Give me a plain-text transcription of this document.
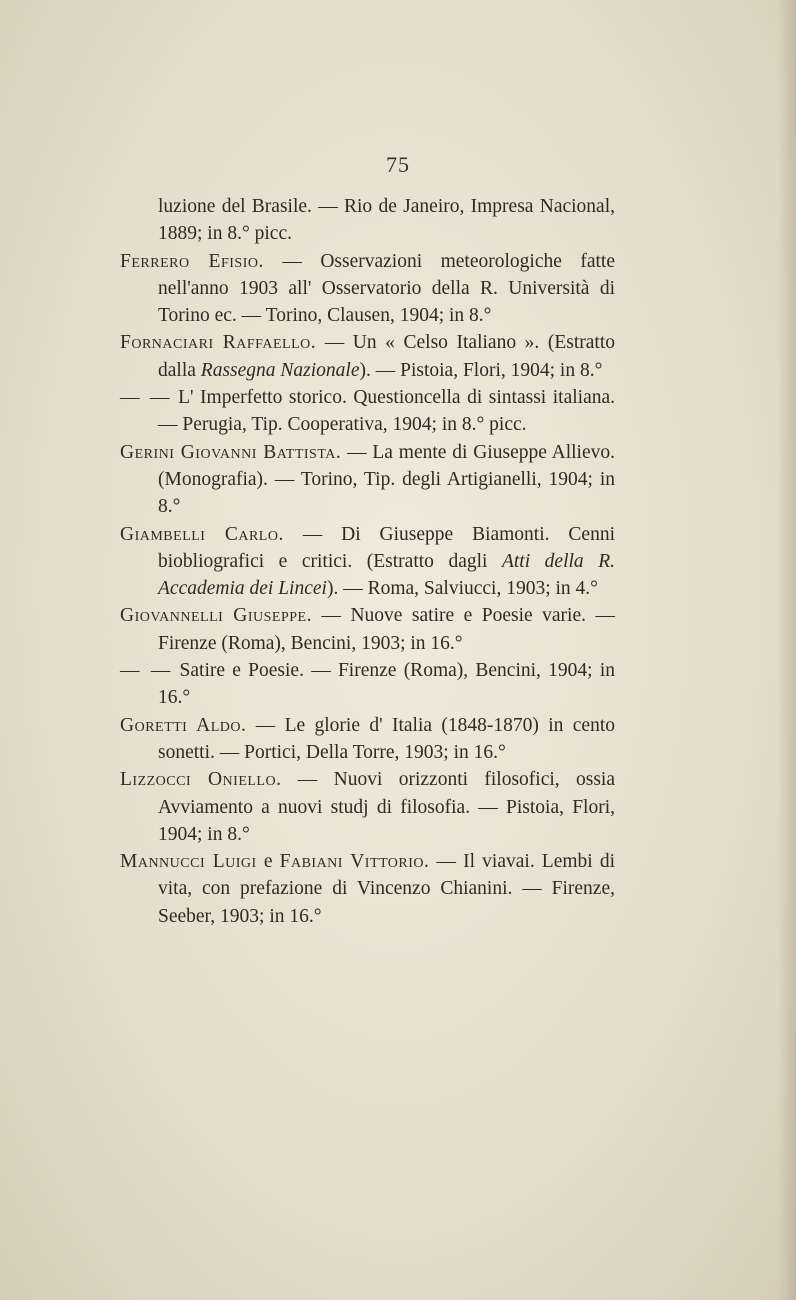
75

luzione del Brasile. — Rio de Janeiro, Impresa Nacional, 1889; in 8.° picc.

Ferrero Efisio. — Osservazioni meteorologiche fatte nell'anno 1903 all' Osservatorio della R. Università di Torino ec. — Torino, Clausen, 1904; in 8.°

Fornaciari Raffaello. — Un « Celso Italiano ». (Estratto dalla Rassegna Nazionale). — Pistoia, Flori, 1904; in 8.°

— — L' Imperfetto storico. Questioncella di sintassi italiana. — Perugia, Tip. Cooperativa, 1904; in 8.° picc.

Gerini Giovanni Battista. — La mente di Giuseppe Allievo. (Monografia). — Torino, Tip. degli Artigianelli, 1904; in 8.°

Giambelli Carlo. — Di Giuseppe Biamonti. Cenni biobliografici e critici. (Estratto dagli Atti della R. Accademia dei Lincei). — Roma, Salviucci, 1903; in 4.°

Giovannelli Giuseppe. — Nuove satire e Poesie varie. — Firenze (Roma), Bencini, 1903; in 16.°

— — Satire e Poesie. — Firenze (Roma), Bencini, 1904; in 16.°

Goretti Aldo. — Le glorie d' Italia (1848-1870) in cento sonetti. — Portici, Della Torre, 1903; in 16.°

Lizzocci Oniello. — Nuovi orizzonti filosofici, ossia Avviamento a nuovi studj di filosofia. — Pistoia, Flori, 1904; in 8.°

Mannucci Luigi e Fabiani Vittorio. — Il viavai. Lembi di vita, con prefazione di Vincenzo Chianini. — Firenze, Seeber, 1903; in 16.°
